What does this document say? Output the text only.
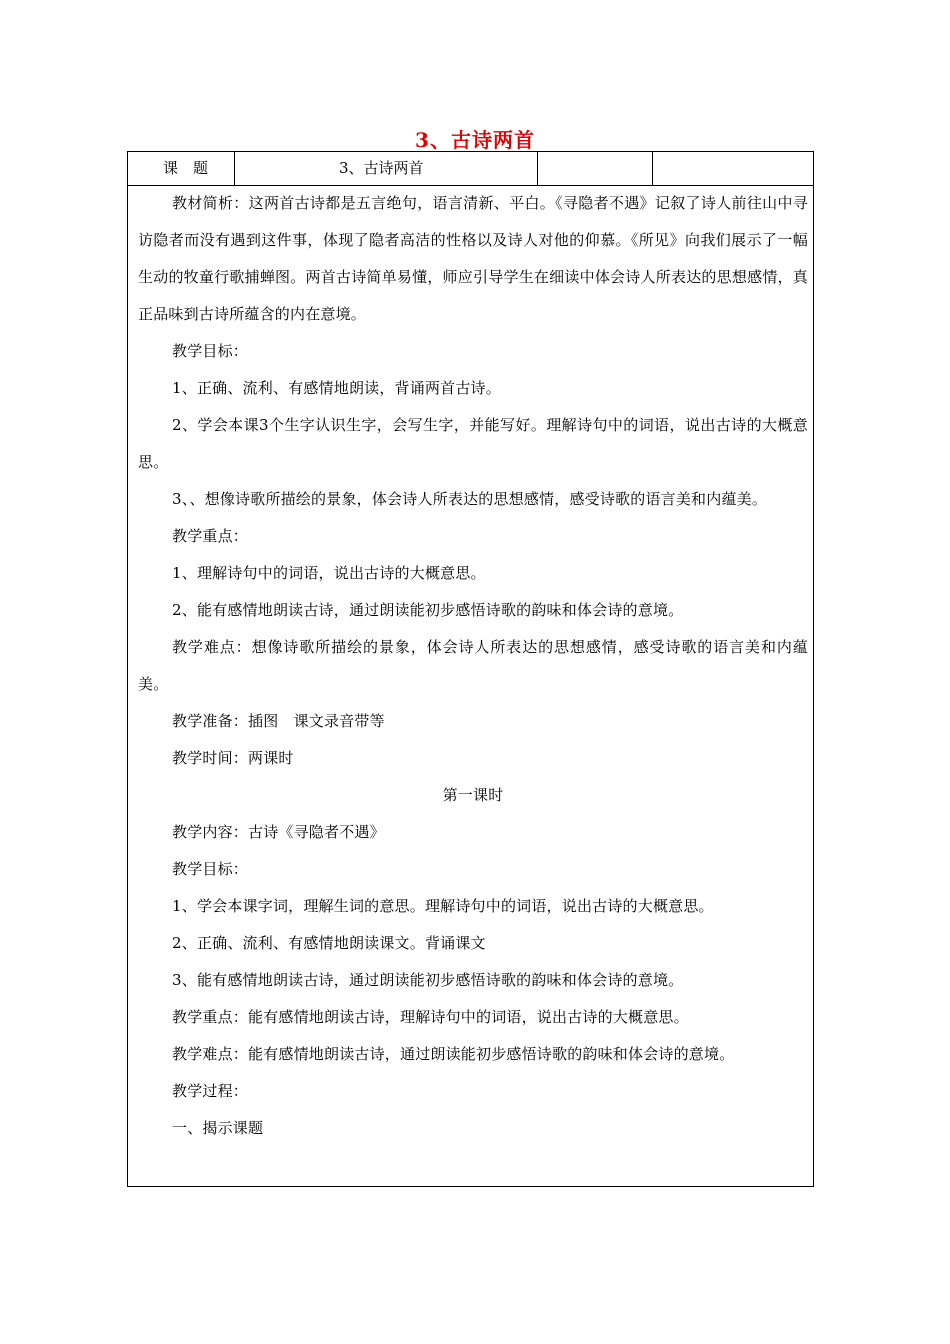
3、古诗两首
课　题	3、古诗两首

教材简析：这两首古诗都是五言绝句，语言清新、平白。《寻隐者不遇》记叙了诗人前往山中寻访隐者而没有遇到这件事，体现了隐者高洁的性格以及诗人对他的仰慕。《所见》向我们展示了一幅生动的牧童行歌捕蝉图。两首古诗简单易懂，师应引导学生在细读中体会诗人所表达的思想感情，真正品味到古诗所蕴含的内在意境。

教学目标：

1、正确、流利、有感情地朗读，背诵两首古诗。

2、学会本课3个生字认识生字，会写生字，并能写好。理解诗句中的词语，说出古诗的大概意思。

3、、想像诗歌所描绘的景象，体会诗人所表达的思想感情，感受诗歌的语言美和内蕴美。

教学重点：

1、理解诗句中的词语，说出古诗的大概意思。

2、能有感情地朗读古诗，通过朗读能初步感悟诗歌的韵味和体会诗的意境。

教学难点：想像诗歌所描绘的景象，体会诗人所表达的思想感情，感受诗歌的语言美和内蕴美。

教学准备：插图　课文录音带等

教学时间：两课时

第一课时

教学内容：古诗《寻隐者不遇》

教学目标：

1、学会本课字词，理解生词的意思。理解诗句中的词语，说出古诗的大概意思。

2、正确、流利、有感情地朗读课文。背诵课文

3、能有感情地朗读古诗，通过朗读能初步感悟诗歌的韵味和体会诗的意境。

教学重点：能有感情地朗读古诗，理解诗句中的词语，说出古诗的大概意思。

教学难点：能有感情地朗读古诗，通过朗读能初步感悟诗歌的韵味和体会诗的意境。

教学过程：

一、揭示课题
